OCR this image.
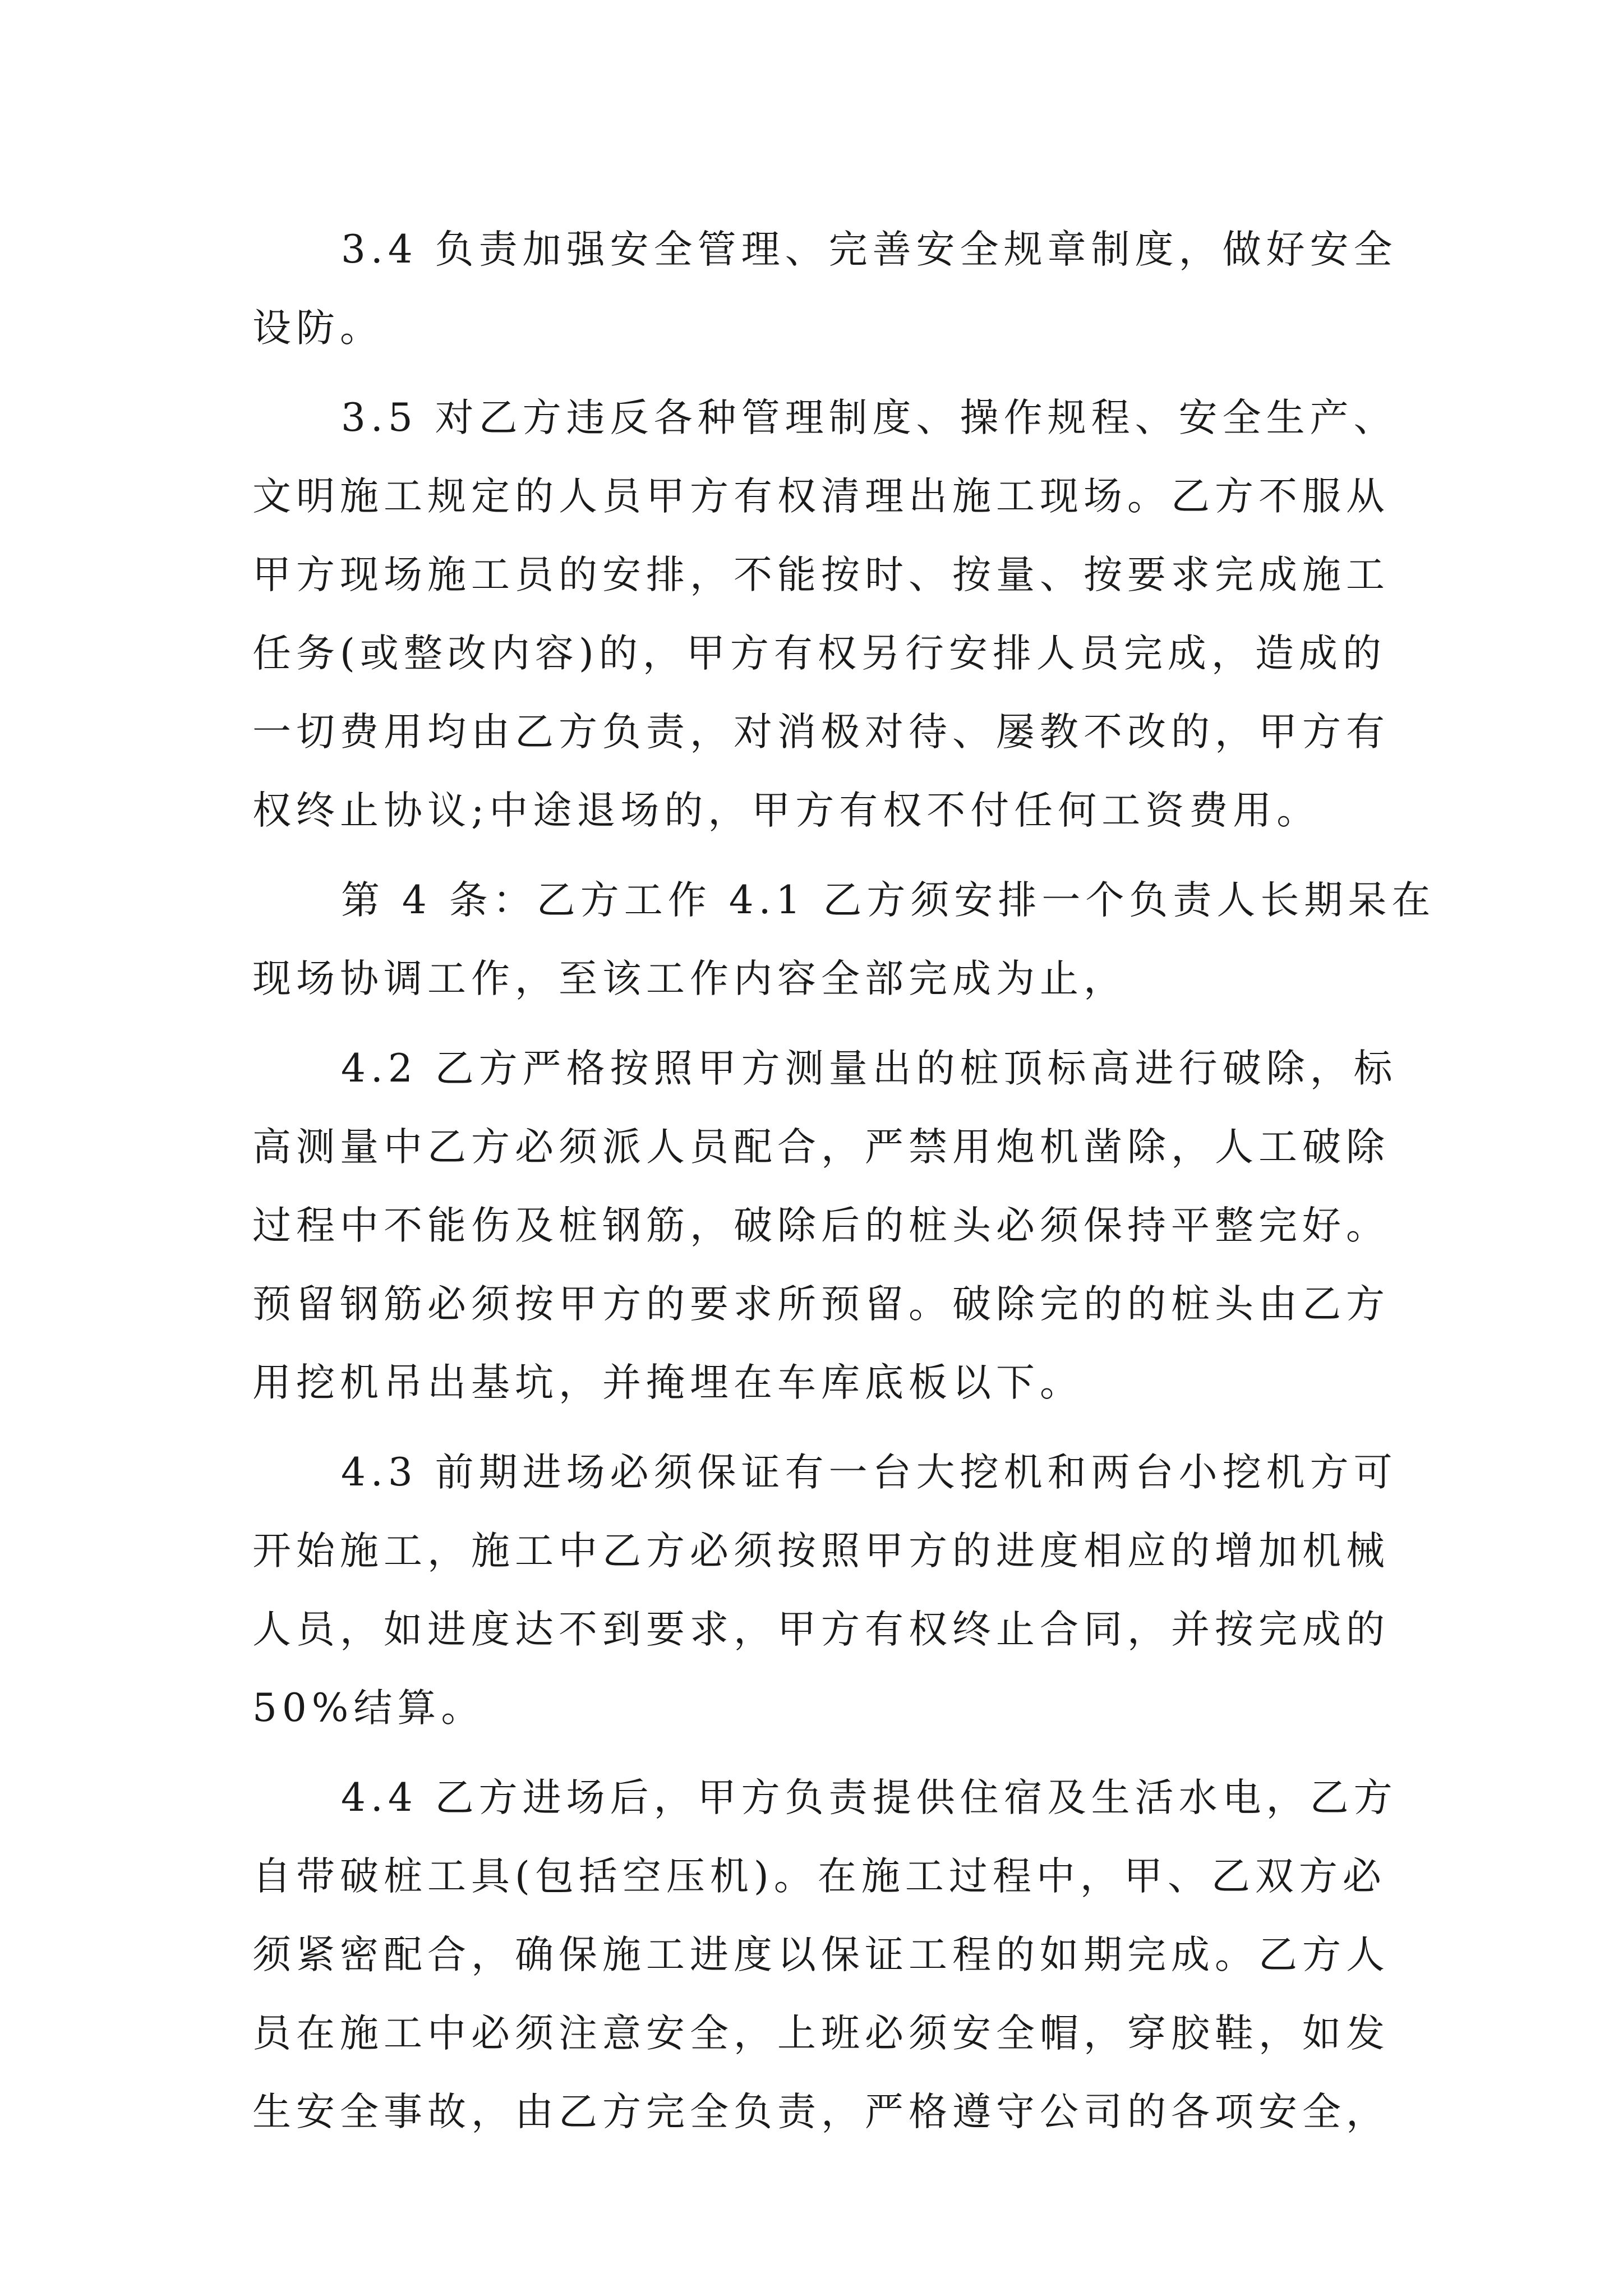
3.4 负责加强安全管理、完善安全规章制度，做好安全
设防。

3.5 对乙方违反各种管理制度、操作规程、安全生产、
文明施工规定的人员甲方有权清理出施工现场。乙方不服从
甲方现场施工员的安排，不能按时、按量、按要求完成施工
任务(或整改内容)的，甲方有权另行安排人员完成，造成的
一切费用均由乙方负责，对消极对待、屡教不改的，甲方有
权终止协议;中途退场的，甲方有权不付任何工资费用。

第 4 条：乙方工作 4.1 乙方须安排一个负责人长期呆在
现场协调工作，至该工作内容全部完成为止，

4.2 乙方严格按照甲方测量出的桩顶标高进行破除，标
高测量中乙方必须派人员配合，严禁用炮机凿除，人工破除
过程中不能伤及桩钢筋，破除后的桩头必须保持平整完好。
预留钢筋必须按甲方的要求所预留。破除完的的桩头由乙方
用挖机吊出基坑，并掩埋在车库底板以下。

4.3 前期进场必须保证有一台大挖机和两台小挖机方可
开始施工，施工中乙方必须按照甲方的进度相应的增加机械
人员，如进度达不到要求，甲方有权终止合同，并按完成的
50%结算。

4.4 乙方进场后，甲方负责提供住宿及生活水电，乙方
自带破桩工具(包括空压机)。在施工过程中，甲、乙双方必
须紧密配合，确保施工进度以保证工程的如期完成。乙方人
员在施工中必须注意安全，上班必须安全帽，穿胶鞋，如发
生安全事故，由乙方完全负责，严格遵守公司的各项安全，
